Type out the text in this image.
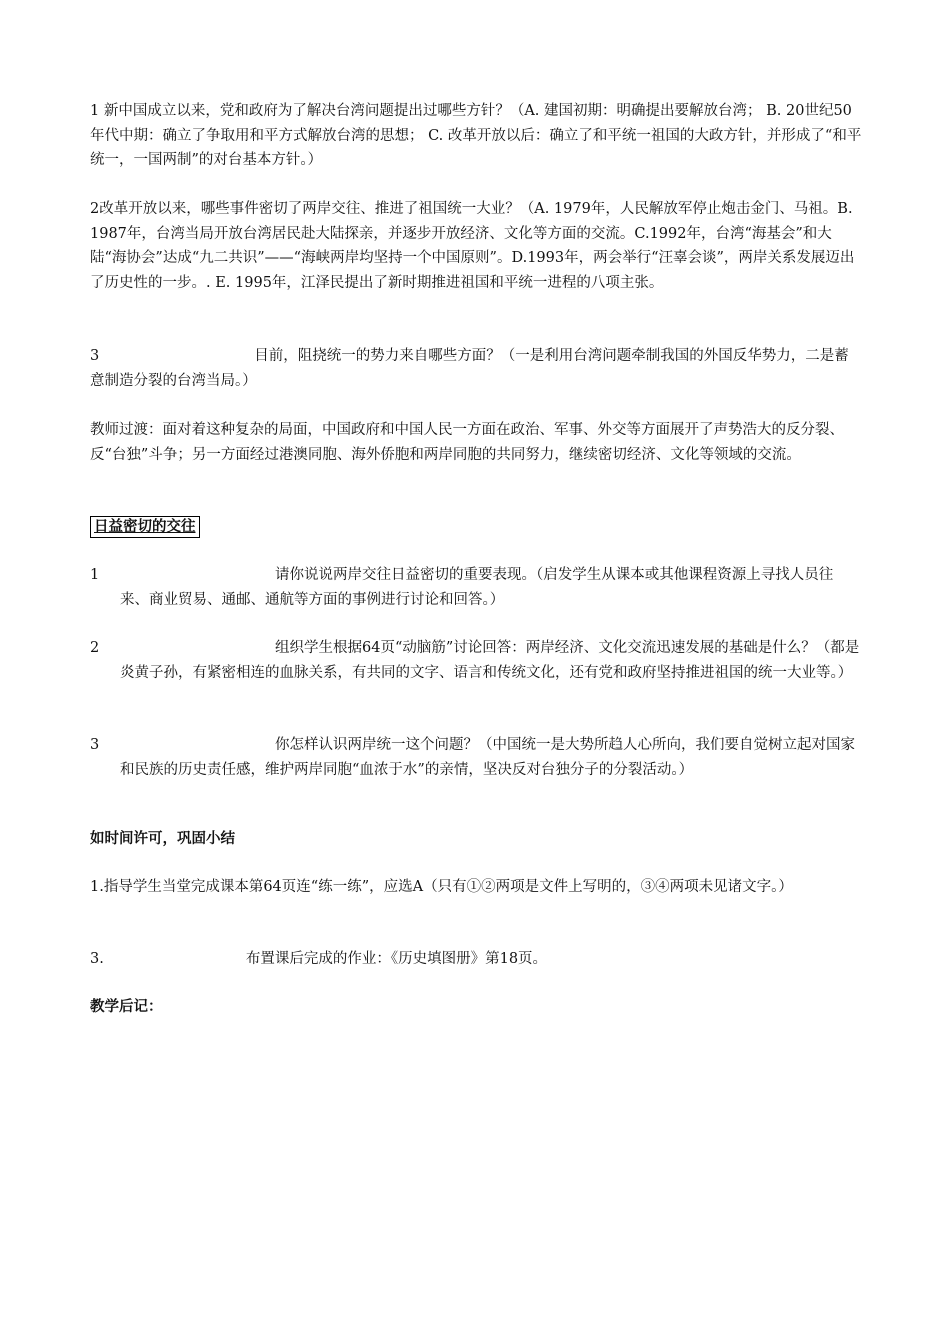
1 新中国成立以来，党和政府为了解决台湾问题提出过哪些方针？（A. 建国初期：明确提出要解放台湾； B. 20世纪50 年代中期：确立了争取用和平方式解放台湾的思想； C. 改革开放以后：确立了和平统一祖国的大政方针，并形成了“和平统一，一国两制”的对台基本方针。）
2改革开放以来，哪些事件密切了两岸交往、推进了祖国统一大业？（A. 1979年，人民解放军停止炮击金门、马祖。B. 1987年，台湾当局开放台湾居民赴大陆探亲，并逐步开放经济、文化等方面的交流。C.1992年，台湾“海基会”和大陆“海协会”达成“九二共识”——“海峡两岸均坚持一个中国原则”。D.1993年，两会举行“汪辜会谈”，两岸关系发展迈出了历史性的一步。. E. 1995年，江泽民提出了新时期推进祖国和平统一进程的八项主张。
3	目前，阻挠统一的势力来自哪些方面？（一是利用台湾问题牵制我国的外国反华势力，二是蓄意制造分裂的台湾当局。）
教师过渡：面对着这种复杂的局面，中国政府和中国人民一方面在政治、军事、外交等方面展开了声势浩大的反分裂、反“台独”斗争；另一方面经过港澳同胞、海外侨胞和两岸同胞的共同努力，继续密切经济、文化等领域的交流。
日益密切的交往
1	请你说说两岸交往日益密切的重要表现。（启发学生从课本或其他课程资源上寻找人员往来、商业贸易、通邮、通航等方面的事例进行讨论和回答。）
2	组织学生根据64页“动脑筋”讨论回答：两岸经济、文化交流迅速发展的基础是什么？（都是炎黄子孙，有紧密相连的血脉关系，有共同的文字、语言和传统文化，还有党和政府坚持推进祖国的统一大业等。）
3	你怎样认识两岸统一这个问题？（中国统一是大势所趋人心所向，我们要自觉树立起对国家和民族的历史责任感，维护两岸同胞“血浓于水”的亲情，坚决反对台独分子的分裂活动。）
如时间许可，巩固小结
1.指导学生当堂完成课本第64页连“练一练”，应选A（只有①②两项是文件上写明的，③④两项未见诸文字。）
3.	布置课后完成的作业：《历史填图册》第18页。
教学后记：
